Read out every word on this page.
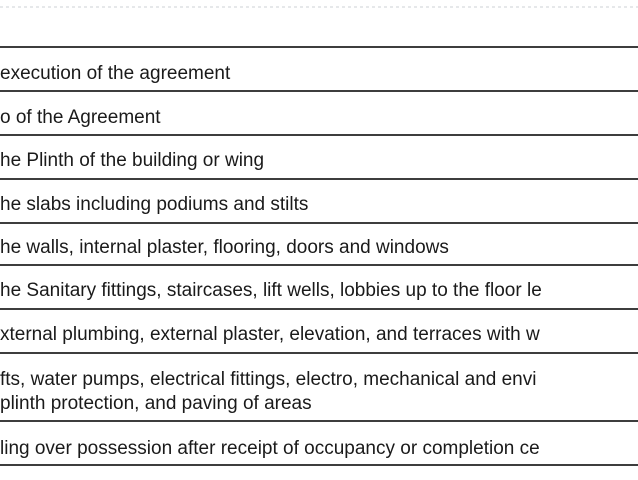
execution of the agreement
o of the Agreement
he Plinth of the building or wing
he slabs including podiums and stilts
he walls, internal plaster, flooring, doors and windows
he Sanitary fittings, staircases, lift wells, lobbies up to the floor le
xternal plumbing, external plaster, elevation, and terraces with w
fts, water pumps, electrical fittings, electro, mechanical and envi
plinth protection, and paving of areas
ling over possession after receipt of occupancy or completion ce
